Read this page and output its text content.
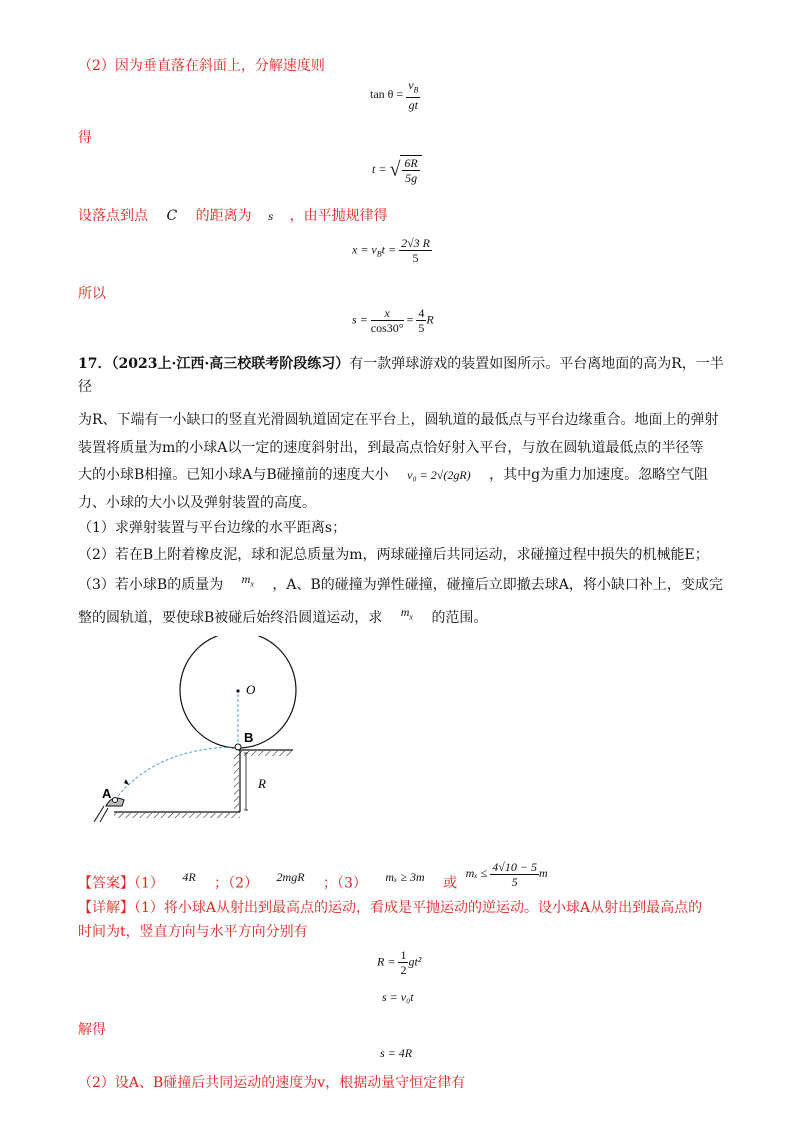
（2）因为垂直落在斜面上，分解速度则
$\tan \theta = \frac{v_B}{gt}$
得
t = √ $\frac{6R}{5g}$
设落点到点 C 的距离为 s ，由平抛规律得
$x = v_Bt = \frac{2√3 R}{5}$
所以
$s = \frac{x}{\cos 30^\circ} = \frac{4}{5}$ R
17．（2023上·江西·高三校联考阶段练习）有一款弹球游戏的装置如图所示。平台离地面的高为R，一半
径
为R、下端有一小缺口的竖直光滑圆轨道固定在平台上，圆轨道的最低点与平台边缘重合。地面上的弹射
装置将质量为m的小球A以一定的速度斜射出，到最高点恰好射入平台，与放在圆轨道最低点的半径等
大的小球B相撞。已知小球A与B碰撞前的速度大小 v₀ = 2√(2gR) ，其中g为重力加速度。忽略空气阻
力、小球的大小以及弹射装置的高度。
（1）求弹射装置与平台边缘的水平距离s；
（2）若在B上附着橡皮泥，球和泥总质量为m，两球碰撞后共同运动，求碰撞过程中损失的机械能E；
（3）若小球B的质量为 $m_x$ ，A、B的碰撞为弹性碰撞，碰撞后立即撤去球A，将小缺口补上，变成完
整的圆轨道，要使球B被碰后始终沿圆道运动，求 $m_x$ 的范围。
O
B
R
A
【答案】（1） 4R ；（2） 2mgR ；（3） mₓ ≥ 3m 或 $m_x \le \frac{4√10 - 5}{5}$ m
【详解】（1）将小球A从射出到最高点的运动，看成是平抛运动的逆运动。设小球A从射出到最高点的
时间为t，竖直方向与水平方向分别有
$R = \frac{1}{2} gt^2$
s = v₀t
解得
s = 4R
（2）设A、B碰撞后共同运动的速度为v，根据动量守恒定律有
